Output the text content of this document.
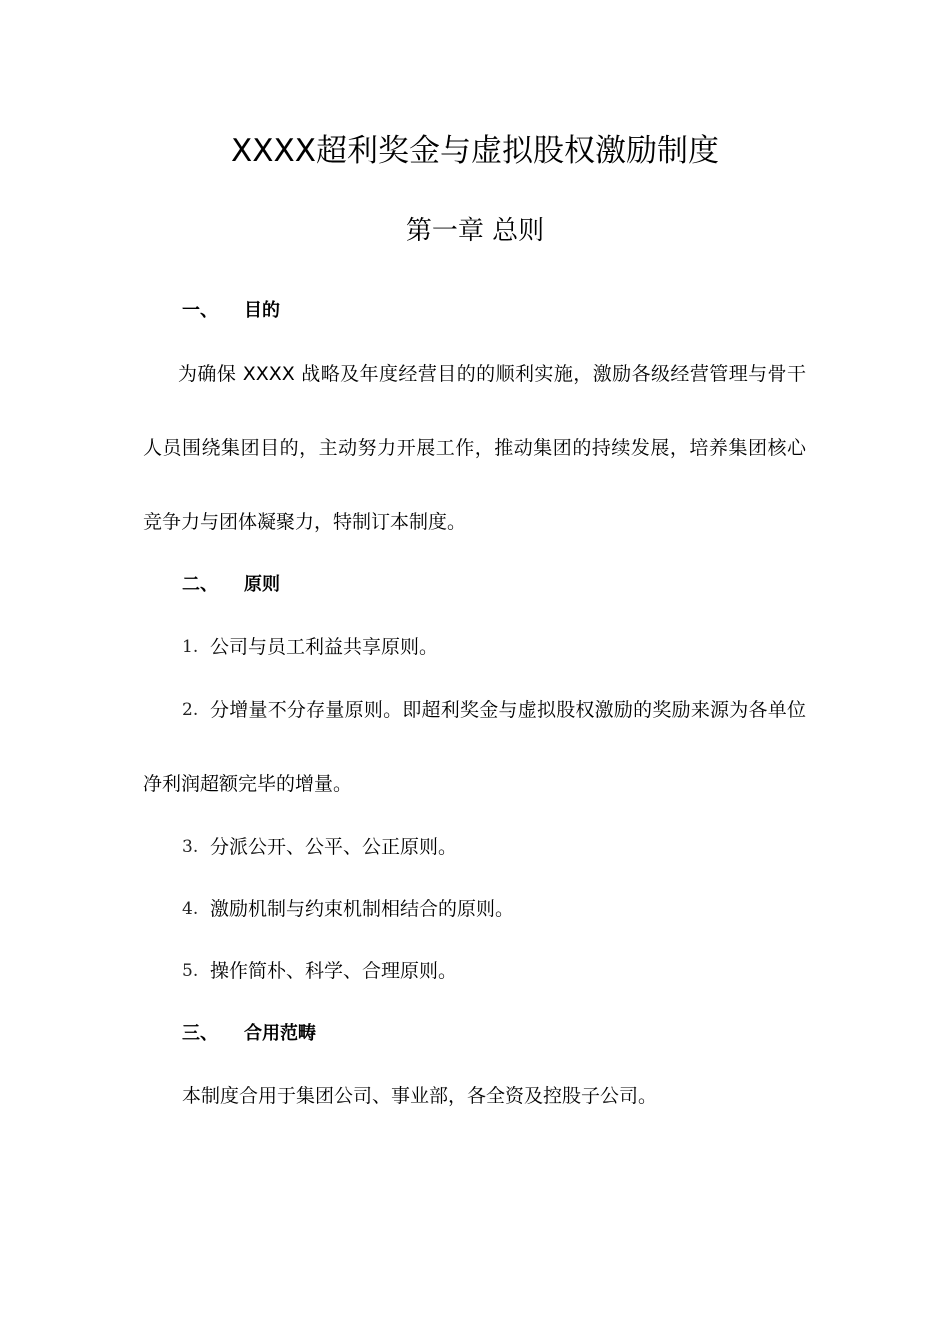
XXXX超利奖金与虚拟股权激励制度
第一章 总则
一、 目的
为确保 XXXX 战略及年度经营目的的顺利实施，激励各级经营管理与骨干
人员围绕集团目的，主动努力开展工作，推动集团的持续发展，培养集团核心
竞争力与团体凝聚力，特制订本制度。
二、 原则
1. 公司与员工利益共享原则。
2. 分增量不分存量原则。即超利奖金与虚拟股权激励的奖励来源为各单位
净利润超额完毕的增量。
3. 分派公开、公平、公正原则。
4. 激励机制与约束机制相结合的原则。
5. 操作简朴、科学、合理原则。
三、 合用范畴
本制度合用于集团公司、事业部，各全资及控股子公司。
